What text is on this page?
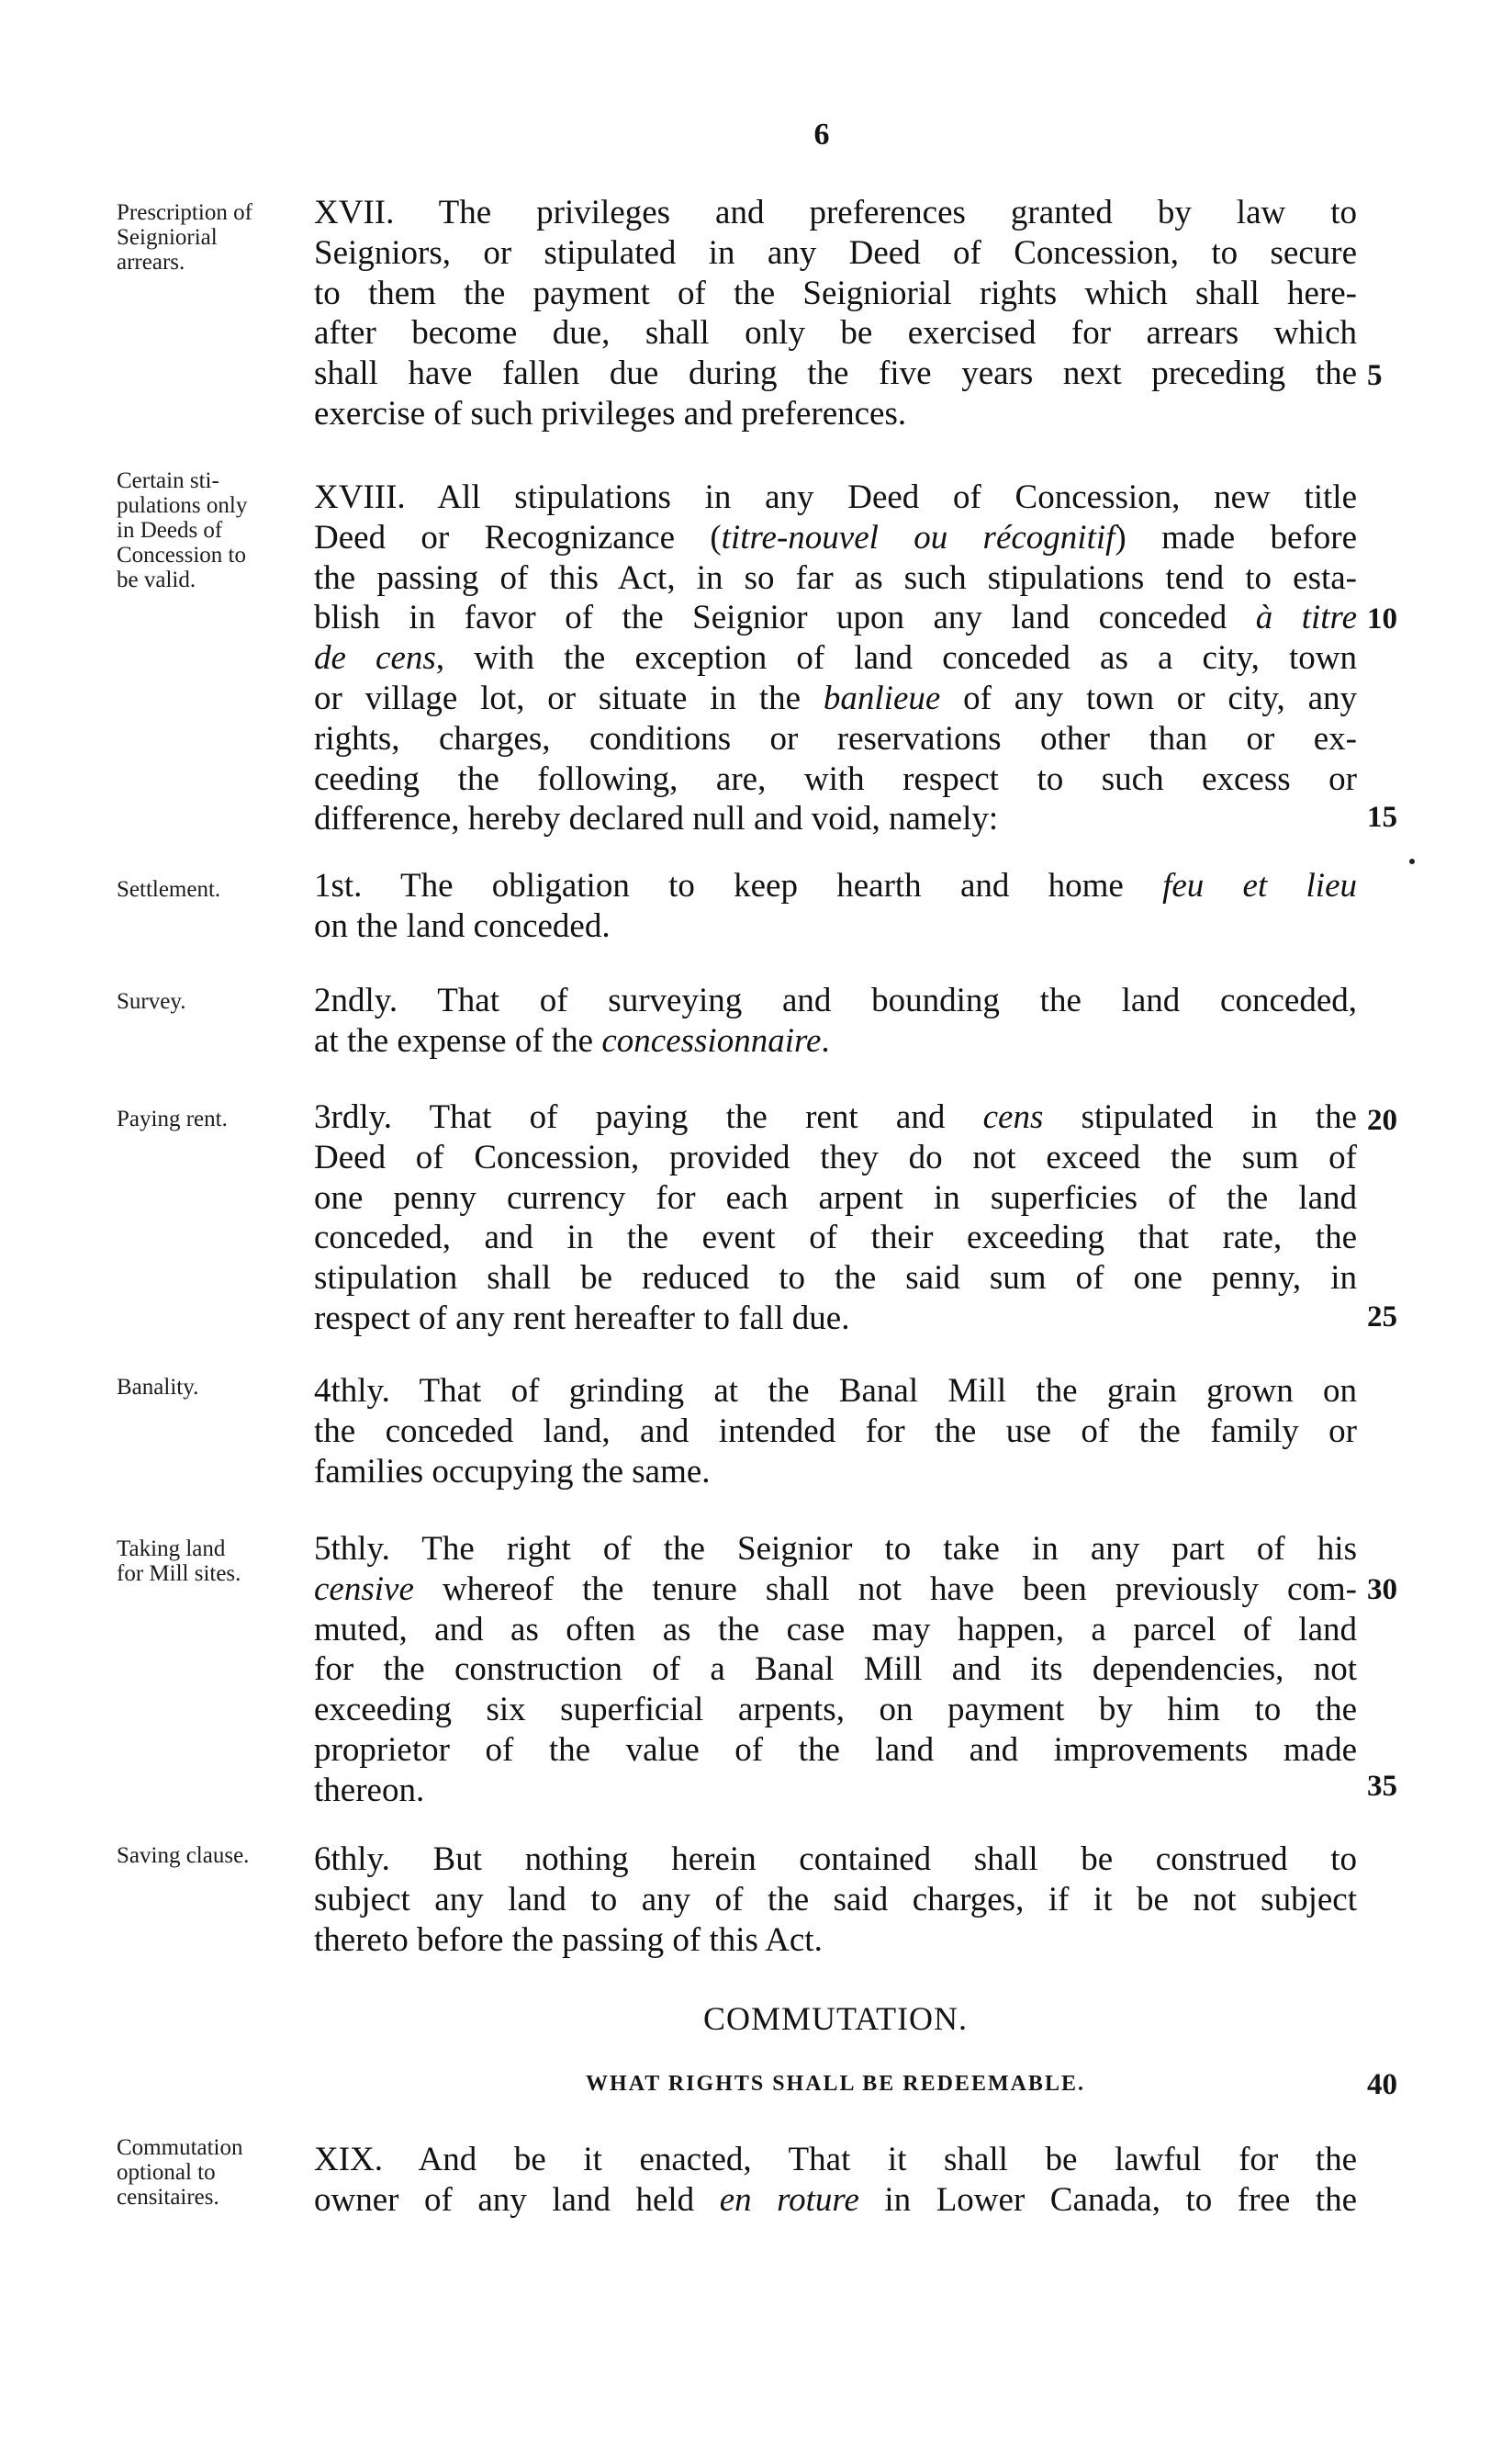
6
Prescription of
Seigniorial
arrears.
XVII. The privileges and preferences granted by law to
Seigniors, or stipulated in any Deed of Concession, to secure
to them the payment of the Seigniorial rights which shall here-
after become due, shall only be exercised for arrears which
shall have fallen due during the five years next preceding the
exercise of such privileges and preferences.
5
Certain sti-
pulations only
in Deeds of
Concession to
be valid.
XVIII. All stipulations in any Deed of Concession, new title
Deed or Recognizance (titre-nouvel ou récognitif) made before
the passing of this Act, in so far as such stipulations tend to esta-
blish in favor of the Seignior upon any land conceded à titre
de cens, with the exception of land conceded as a city, town
or village lot, or situate in the banlieue of any town or city, any
rights, charges, conditions or reservations other than or ex-
ceeding the following, are, with respect to such excess or
difference, hereby declared null and void, namely:
10
15
Settlement.	1st. The obligation to keep hearth and home feu et lieu
on the land conceded.
Survey.	2ndly. That of surveying and bounding the land conceded,
at the expense of the concessionnaire.
Paying rent.	3rdly. That of paying the rent and cens stipulated in the
Deed of Concession, provided they do not exceed the sum of
one penny currency for each arpent in superficies of the land
conceded, and in the event of their exceeding that rate, the
stipulation shall be reduced to the said sum of one penny, in
respect of any rent hereafter to fall due.
20
25
Banality.	4thly. That of grinding at the Banal Mill the grain grown on
the conceded land, and intended for the use of the family or
families occupying the same.
Taking land
for Mill sites.
5thly. The right of the Seignior to take in any part of his
censive whereof the tenure shall not have been previously com-
muted, and as often as the case may happen, a parcel of land
for the construction of a Banal Mill and its dependencies, not
exceeding six superficial arpents, on payment by him to the
proprietor of the value of the land and improvements made
thereon.
30
35
Saving clause.	6thly. But nothing herein contained shall be construed to
subject any land to any of the said charges, if it be not subject
thereto before the passing of this Act.
COMMUTATION.
WHAT RIGHTS SHALL BE REDEEMABLE.	40
Commutation
optional to
censitaires.
XIX. And be it enacted, That it shall be lawful for the
owner of any land held en roture in Lower Canada, to free the
